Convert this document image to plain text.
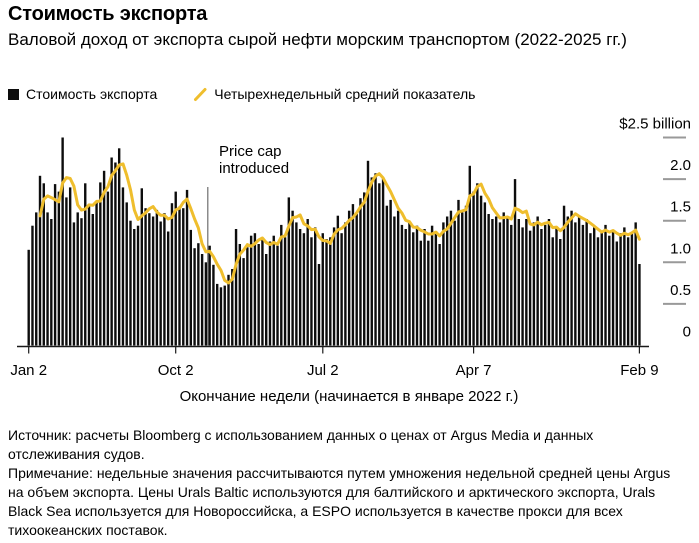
Стоимость экспорта
Валовой доход от экспорта сырой нефти морским транспортом (2022-2025 гг.)
Стоимость экспорта	Четырехнедельный средний показатель
Price cap introduced
$2.5 billion
2.0
1.5
1.0
0.5
0
Jan 2	Oct 2	Jul 2	Apr 7	Feb 9
Окончание недели (начинается в январе 2022 г.)

Источник: расчеты Bloomberg с использованием данных о ценах от Argus Media и данных отслеживания судов.

Примечание: недельные значения рассчитываются путем умножения недельной средней цены Argus на объем экспорта. Цены Urals Baltic используются для балтийского и арктического экспорта, Urals Black Sea используется для Новороссийска, а ESPO используется в качестве прокси для всех тихоокеанских поставок.
